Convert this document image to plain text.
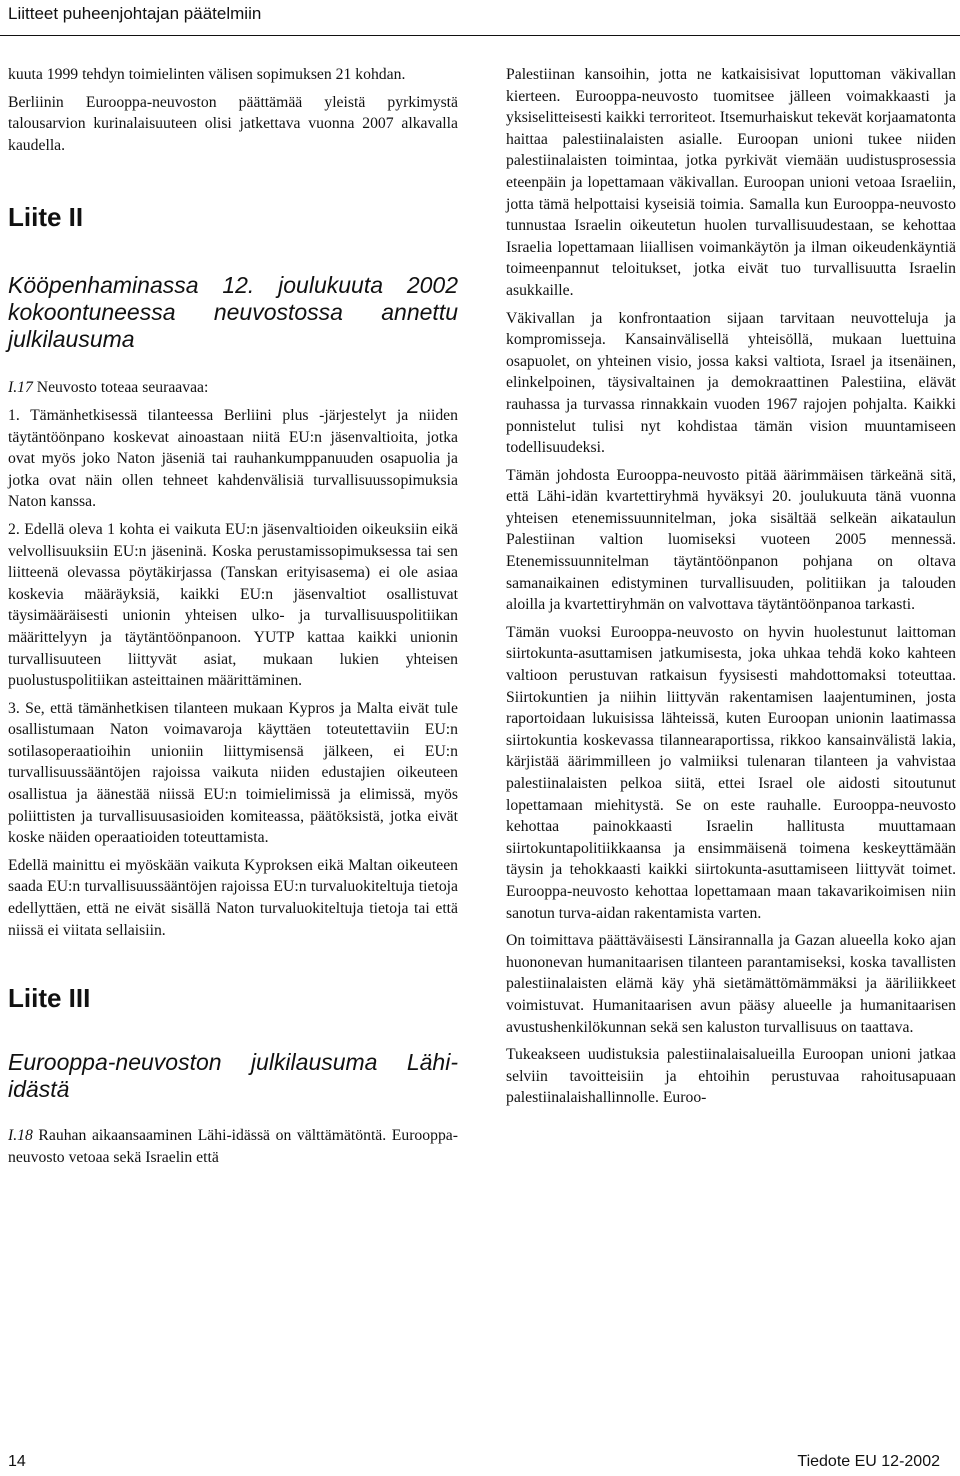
Liitteet puheenjohtajan päätelmiin

kuuta 1999 tehdyn toimielinten välisen sopimuksen 21 kohdan.

Berliinin Eurooppa-neuvoston päättämää yleistä pyrkimystä talousarvion kurinalaisuuteen olisi jatkettava vuonna 2007 alkavalla kaudella.

Liite II

Kööpenhaminassa 12. joulukuuta 2002 kokoontuneessa neuvostossa annettu julkilausuma

I.17 Neuvosto toteaa seuraavaa:

1. Tämänhetkisessä tilanteessa Berliini plus -järjestelyt ja niiden täytäntöönpano koskevat ainoastaan niitä EU:n jäsenvaltioita, jotka ovat myös joko Naton jäseniä tai rauhankumppanuuden osapuolia ja jotka ovat näin ollen tehneet kahdenvälisiä turvallisuussopimuksia Naton kanssa.

2. Edellä oleva 1 kohta ei vaikuta EU:n jäsenvaltioiden oikeuksiin eikä velvollisuuksiin EU:n jäseninä. Koska perustamissopimuksessa tai sen liitteenä olevassa pöytäkirjassa (Tanskan erityisasema) ei ole asiaa koskevia määräyksiä, kaikki EU:n jäsenvaltiot osallistuvat täysimääräisesti unionin yhteisen ulko- ja turvallisuuspolitiikan määrittelyyn ja täytäntöönpanoon. YUTP kattaa kaikki unionin turvallisuuteen liittyvät asiat, mukaan lukien yhteisen puolustuspolitiikan asteittainen määrittäminen.

3. Se, että tämänhetkisen tilanteen mukaan Kypros ja Malta eivät tule osallistumaan Naton voimavaroja käyttäen toteutettaviin EU:n sotilasoperaatioihin unioniin liittymisensä jälkeen, ei EU:n turvallisuussääntöjen rajoissa vaikuta niiden edustajien oikeuteen osallistua ja äänestää niissä EU:n toimielimissä ja elimissä, myös poliittisten ja turvallisuusasioiden komiteassa, päätöksistä, jotka eivät koske näiden operaatioiden toteuttamista.

Edellä mainittu ei myöskään vaikuta Kyproksen eikä Maltan oikeuteen saada EU:n turvallisuussääntöjen rajoissa EU:n turvaluokiteltuja tietoja edellyttäen, että ne eivät sisällä Naton turvaluokiteltuja tietoja tai että niissä ei viitata sellaisiin.

Liite III

Eurooppa-neuvoston julkilausuma Lähi-idästä

I.18 Rauhan aikaansaaminen Lähi-idässä on välttämätöntä. Eurooppa-neuvosto vetoaa sekä Israelin että

Palestiinan kansoihin, jotta ne katkaisisivat loputtoman väkivallan kierteen. Eurooppa-neuvosto tuomitsee jälleen voimakkaasti ja yksiselitteisesti kaikki terroriteot. Itsemurhaiskut tekevät korjaamatonta haittaa palestiinalaisten asialle. Euroopan unioni tukee niiden palestiinalaisten toimintaa, jotka pyrkivät viemään uudistusprosessia eteenpäin ja lopettamaan väkivallan. Euroopan unioni vetoaa Israeliin, jotta tämä helpottaisi kyseisiä toimia. Samalla kun Eurooppa-neuvosto tunnustaa Israelin oikeutetun huolen turvallisuudestaan, se kehottaa Israelia lopettamaan liiallisen voimankäytön ja ilman oikeudenkäyntiä toimeenpannut teloitukset, jotka eivät tuo turvallisuutta Israelin asukkaille.

Väkivallan ja konfrontaation sijaan tarvitaan neuvotteluja ja kompromisseja. Kansainvälisellä yhteisöllä, mukaan luettuina osapuolet, on yhteinen visio, jossa kaksi valtiota, Israel ja itsenäinen, elinkelpoinen, täysivaltainen ja demokraattinen Palestiina, elävät rauhassa ja turvassa rinnakkain vuoden 1967 rajojen pohjalta. Kaikki ponnistelut tulisi nyt kohdistaa tämän vision muuntamiseen todellisuudeksi.

Tämän johdosta Eurooppa-neuvosto pitää äärimmäisen tärkeänä sitä, että Lähi-idän kvartettiryhmä hyväksyi 20. joulukuuta tänä vuonna yhteisen etenemissuunnitelman, joka sisältää selkeän aikataulun Palestiinan valtion luomiseksi vuoteen 2005 mennessä. Etenemissuunnitelman täytäntöönpanon pohjana on oltava samanaikainen edistyminen turvallisuuden, politiikan ja talouden aloilla ja kvartettiryhmän on valvottava täytäntöönpanoa tarkasti.

Tämän vuoksi Eurooppa-neuvosto on hyvin huolestunut laittoman siirtokunta-asuttamisen jatkumisesta, joka uhkaa tehdä koko kahteen valtioon perustuvan ratkaisun fyysisesti mahdottomaksi toteuttaa. Siirtokuntien ja niihin liittyvän rakentamisen laajentuminen, josta raportoidaan lukuisissa lähteissä, kuten Euroopan unionin laatimassa siirtokuntia koskevassa tilannearaportissa, rikkoo kansainvälistä lakia, kärjistää äärimmilleen jo valmiiksi tulenaran tilanteen ja vahvistaa palestiinalaisten pelkoa siitä, ettei Israel ole aidosti sitoutunut lopettamaan miehitystä. Se on este rauhalle. Eurooppa-neuvosto kehottaa painokkaasti Israelin hallitusta muuttamaan siirtokuntapolitiikkaansa ja ensimmäisenä toimena keskeyttämään täysin ja tehokkaasti kaikki siirtokunta-asuttamiseen liittyvät toimet. Eurooppa-neuvosto kehottaa lopettamaan maan takavarikoimisen niin sanotun turva-aidan rakentamista varten.

On toimittava päättäväisesti Länsirannalla ja Gazan alueella koko ajan huononevan humanitaarisen tilanteen parantamiseksi, koska tavallisten palestiinalaisten elämä käy yhä sietämättömämmäksi ja ääriliikkeet voimistuvat. Humanitaarisen avun pääsy alueelle ja humanitaarisen avustushenkilökunnan sekä sen kaluston turvallisuus on taattava.

Tukeakseen uudistuksia palestiinalaisalueilla Euroopan unioni jatkaa selviin tavoitteisiin ja ehtoihin perustuvaa rahoitusapuaan palestiinalaishallinnolle. Euroo-

14	Tiedote EU 12-2002
